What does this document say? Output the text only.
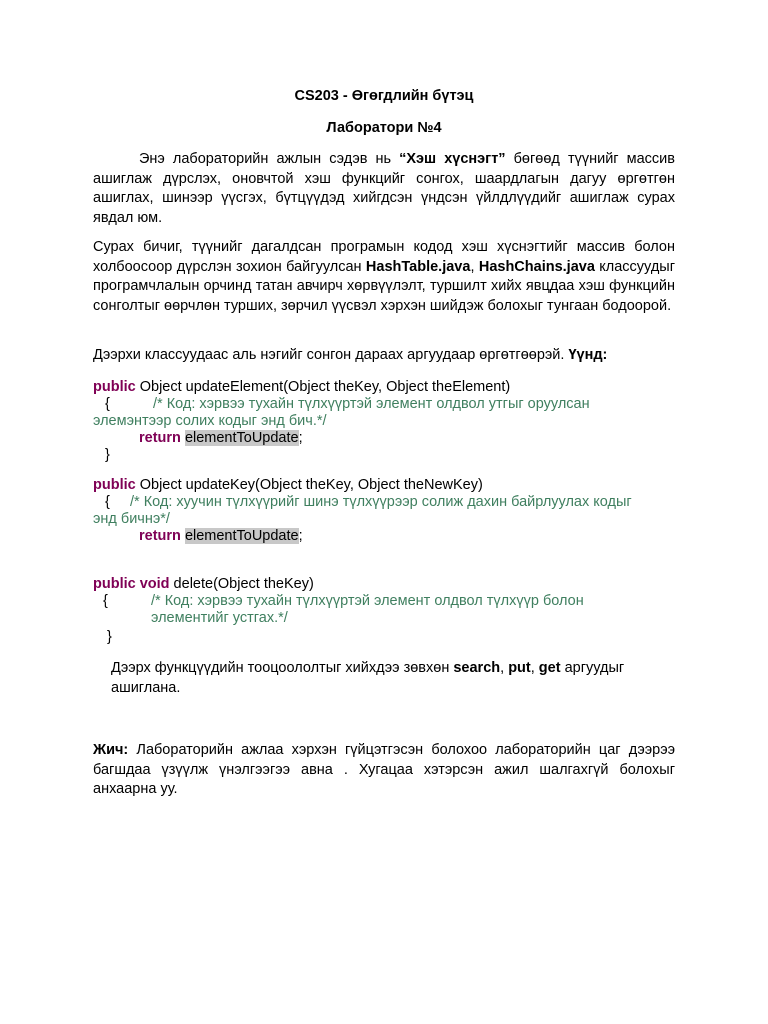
CS203 - Өгөгдлийн бүтэц
Лаборатори №4

Энэ лабораторийн ажлын сэдэв нь “Хэш хүснэгт” бөгөөд түүнийг массив ашиглаж дүрслэх, оновчтой хэш функцийг сонгох, шаардлагын дагуу өргөтгөн ашиглах, шинээр үүсгэх, бүтцүүдэд хийгдсэн үндсэн үйлдлүүдийг ашиглаж сурах явдал юм.

Сурах бичиг, түүнийг дагалдсан програмын кодод хэш хүснэгтийг массив болон холбоосоор дүрслэн зохион байгуулсан HashTable.java, HashChains.java классуудыг програмчлалын орчинд татан авчирч хөрвүүлэлт, туршилт хийх явцдаа хэш функцийн сонголтыг өөрчлөн турших, зөрчил үүсвэл хэрхэн шийдэж болохыг тунгаан бодоорой.

Дээрхи классуудаас аль нэгийг сонгон дараах аргуудаар өргөтгөөрэй. Үүнд:

public Object updateElement(Object theKey, Object theElement)
{	/* Код: хэрвээ тухайн түлхүүртэй элемент олдвол утгыг оруулсан

элемэнтээр солих кодыг энд бич.*/
return elementToUpdate;
}
public Object updateKey(Object theKey, Object theNewKey)
{ /* Код: хуучин түлхүүрийг шинэ түлхүүрээр солиж дахин байрлуулах кодыг

энд бичнэ*/
return elementToUpdate;
public void delete(Object theKey)
{	/* Код: хэрвээ тухайн түлхүүртэй элемент олдвол түлхүүр болон

элементийг устгах.*/
}

Дээрх функцүүдийн тооцоололтыг хийхдээ зөвхөн search, put, get аргуудыг ашиглана.

Жич: Лабораторийн ажлаа хэрхэн гүйцэтгэсэн болохоо лабораторийн цаг дээрээ багшдаа үзүүлж үнэлгээгээ авна . Хугацаа хэтэрсэн ажил шалгахгүй болохыг анхаарна уу.
